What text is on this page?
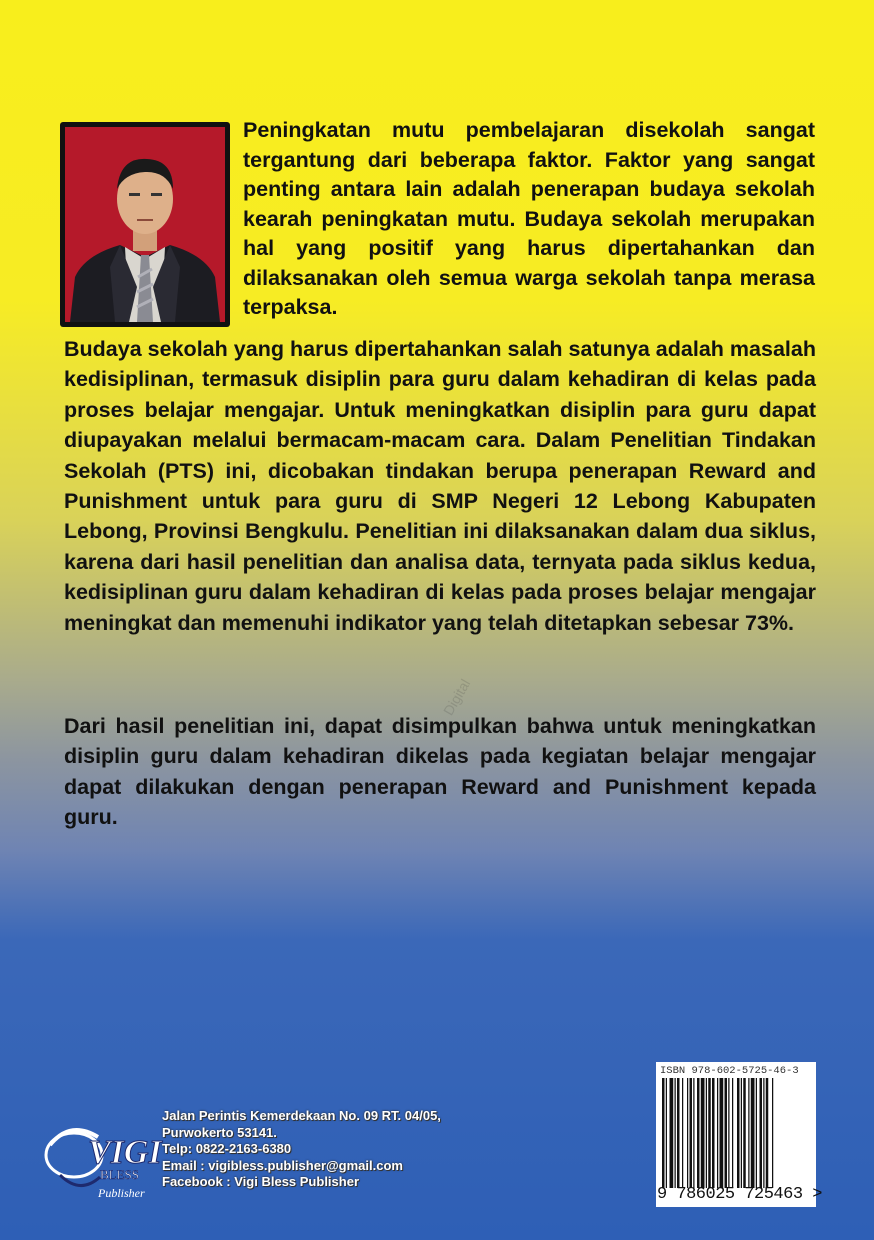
Peningkatan mutu pembelajaran disekolah sangat tergantung dari beberapa faktor. Faktor yang sangat penting antara lain adalah penerapan budaya sekolah kearah peningkatan mutu. Budaya sekolah merupakan hal yang positif yang harus dipertahankan dan dilaksanakan oleh semua warga sekolah tanpa merasa terpaksa.

Budaya sekolah yang harus dipertahankan salah satunya adalah masalah kedisiplinan, termasuk disiplin para guru dalam kehadiran di kelas pada proses belajar mengajar. Untuk meningkatkan disiplin para guru dapat diupayakan melalui bermacam-macam cara. Dalam Penelitian Tindakan Sekolah (PTS) ini, dicobakan tindakan berupa penerapan Reward and Punishment untuk para guru di SMP Negeri 12 Lebong Kabupaten Lebong, Provinsi Bengkulu. Penelitian ini dilaksanakan dalam dua siklus, karena dari hasil penelitian dan analisa data, ternyata pada siklus kedua, kedisiplinan guru dalam kehadiran di kelas pada proses belajar mengajar meningkat dan memenuhi indikator yang telah ditetapkan sebesar 73%.

Dari hasil penelitian ini, dapat disimpulkan bahwa untuk meningkatkan disiplin guru dalam kehadiran dikelas pada kegiatan belajar mengajar dapat dilakukan dengan penerapan Reward and Punishment kepada guru.

Digital
VIGI
BLESS
Publisher
Jalan Perintis Kemerdekaan No. 09 RT. 04/05,
Purwokerto 53141.
Telp: 0822-2163-6380
Email : vigibless.publisher@gmail.com
Facebook : Vigi Bless Publisher
ISBN 978-602-5725-46-3
9 786025 725463 >
